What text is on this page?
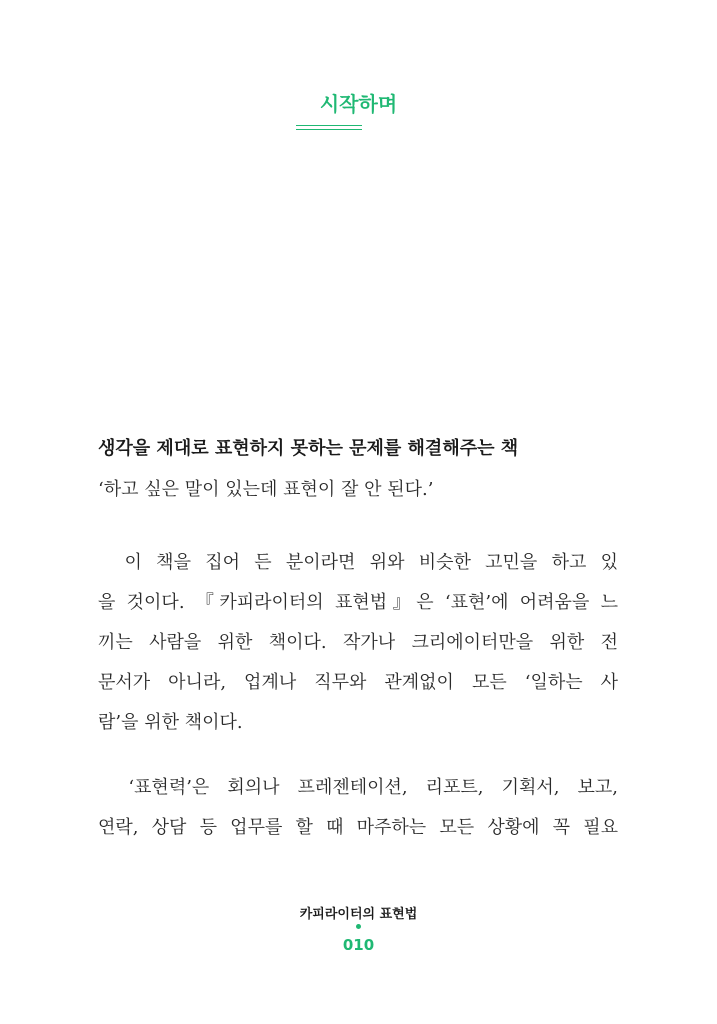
시작하며
생각을 제대로 표현하지 못하는 문제를 해결해주는 책
‘하고 싶은 말이 있는데 표현이 잘 안 된다.’
　이 책을 집어 든 분이라면 위와 비슷한 고민을 하고 있
을 것이다. 『카피라이터의 표현법』은 ‘표현’에 어려움을 느
끼는 사람을 위한 책이다. 작가나 크리에이터만을 위한 전
문서가 아니라, 업계나 직무와 관계없이 모든 ‘일하는 사
람’을 위한 책이다.
　‘표현력’은 회의나 프레젠테이션, 리포트, 기획서, 보고,
연락, 상담 등 업무를 할 때 마주하는 모든 상황에 꼭 필요
카피라이터의 표현법
010
